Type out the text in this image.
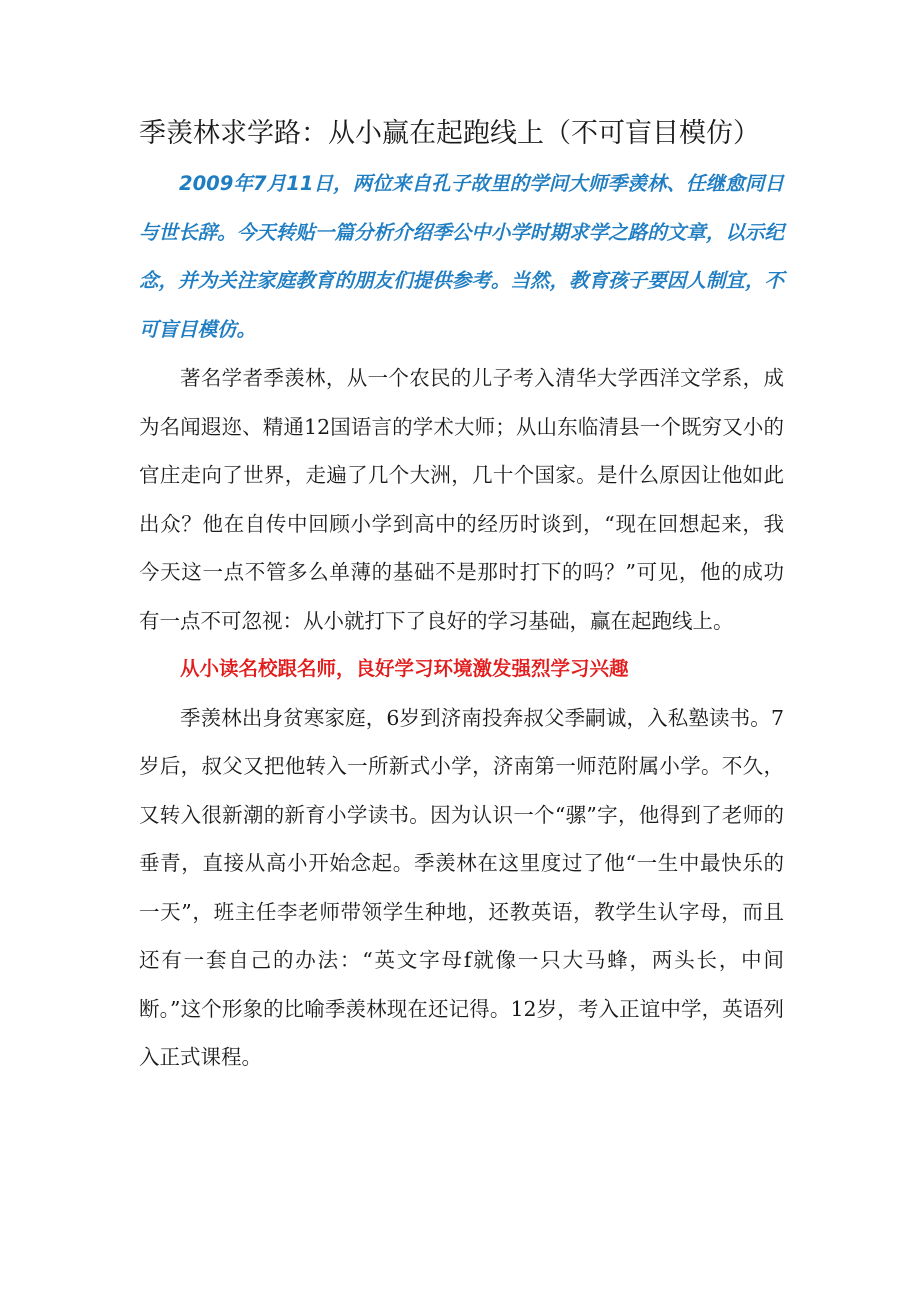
季羡林求学路：从小赢在起跑线上（不可盲目模仿）

2009年7月11日，两位来自孔子故里的学问大师季羡林、任继愈同日与世长辞。今天转贴一篇分析介绍季公中小学时期求学之路的文章，以示纪念，并为关注家庭教育的朋友们提供参考。当然，教育孩子要因人制宜，不可盲目模仿。

著名学者季羡林，从一个农民的儿子考入清华大学西洋文学系，成为名闻遐迩、精通12国语言的学术大师；从山东临清县一个既穷又小的官庄走向了世界，走遍了几个大洲，几十个国家。是什么原因让他如此出众？他在自传中回顾小学到高中的经历时谈到，“现在回想起来，我今天这一点不管多么单薄的基础不是那时打下的吗？”可见，他的成功有一点不可忽视：从小就打下了良好的学习基础，赢在起跑线上。

从小读名校跟名师，良好学习环境激发强烈学习兴趣

季羡林出身贫寒家庭，6岁到济南投奔叔父季嗣诚，入私塾读书。7岁后，叔父又把他转入一所新式小学，济南第一师范附属小学。不久，又转入很新潮的新育小学读书。因为认识一个“骡”字，他得到了老师的垂青，直接从高小开始念起。季羡林在这里度过了他“一生中最快乐的一天”，班主任李老师带领学生种地，还教英语，教学生认字母，而且还有一套自己的办法：“英文字母f就像一只大马蜂，两头长，中间断。”这个形象的比喻季羡林现在还记得。12岁，考入正谊中学，英语列入正式课程。
